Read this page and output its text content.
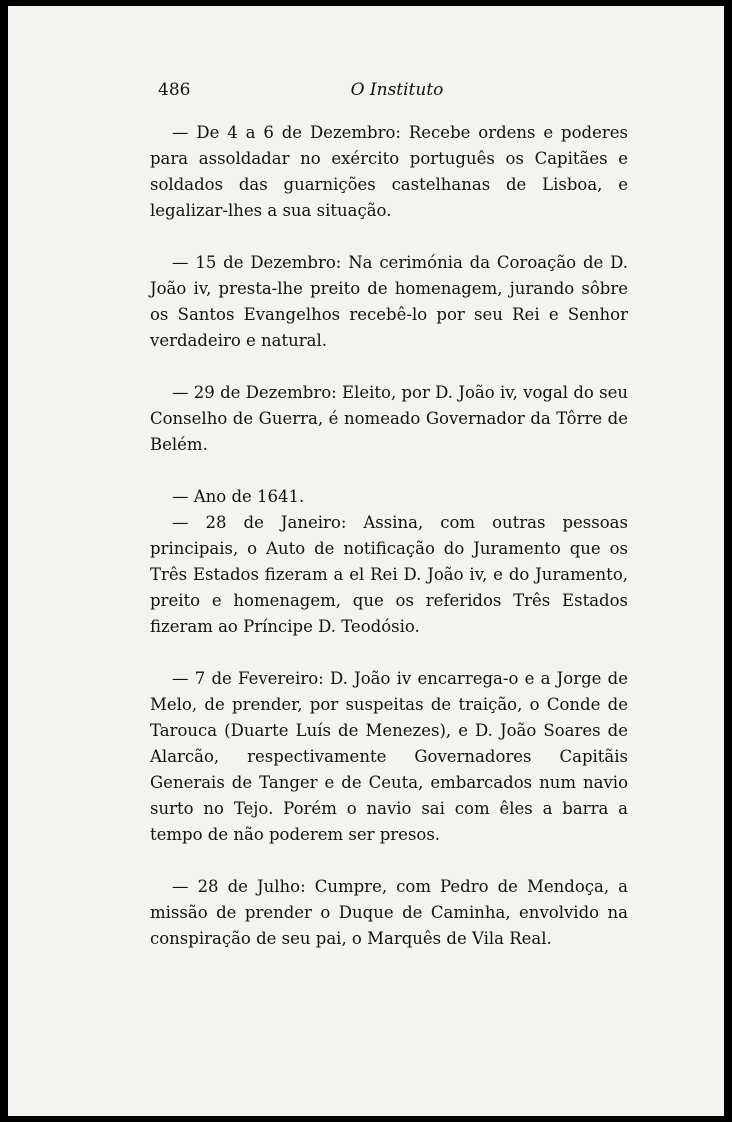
486	O Instituto

— De 4 a 6 de Dezembro: Recebe ordens e poderes para assoldadar no exército português os Capitães e soldados das guarnições castelhanas de Lisboa, e legalizar-lhes a sua situação.

— 15 de Dezembro: Na cerimónia da Coroação de D. João iv, presta-lhe preito de homenagem, jurando sôbre os Santos Evangelhos recebê-lo por seu Rei e Senhor verdadeiro e natural.

— 29 de Dezembro: Eleito, por D. João iv, vogal do seu Conselho de Guerra, é nomeado Governador da Tôrre de Belém.

— Ano de 1641.

— 28 de Janeiro: Assina, com outras pessoas principais, o Auto de notificação do Juramento que os Três Estados fizeram a el Rei D. João iv, e do Juramento, preito e homenagem, que os referidos Três Estados fizeram ao Príncipe D. Teodósio.

— 7 de Fevereiro: D. João iv encarrega-o e a Jorge de Melo, de prender, por suspeitas de traição, o Conde de Tarouca (Duarte Luís de Menezes), e D. João Soares de Alarcão, respectivamente Governadores Capitãis Generais de Tanger e de Ceuta, embarcados num navio surto no Tejo. Porém o navio sai com êles a barra a tempo de não poderem ser presos.

— 28 de Julho: Cumpre, com Pedro de Mendoça, a missão de prender o Duque de Caminha, envolvido na conspiração de seu pai, o Marquês de Vila Real.
